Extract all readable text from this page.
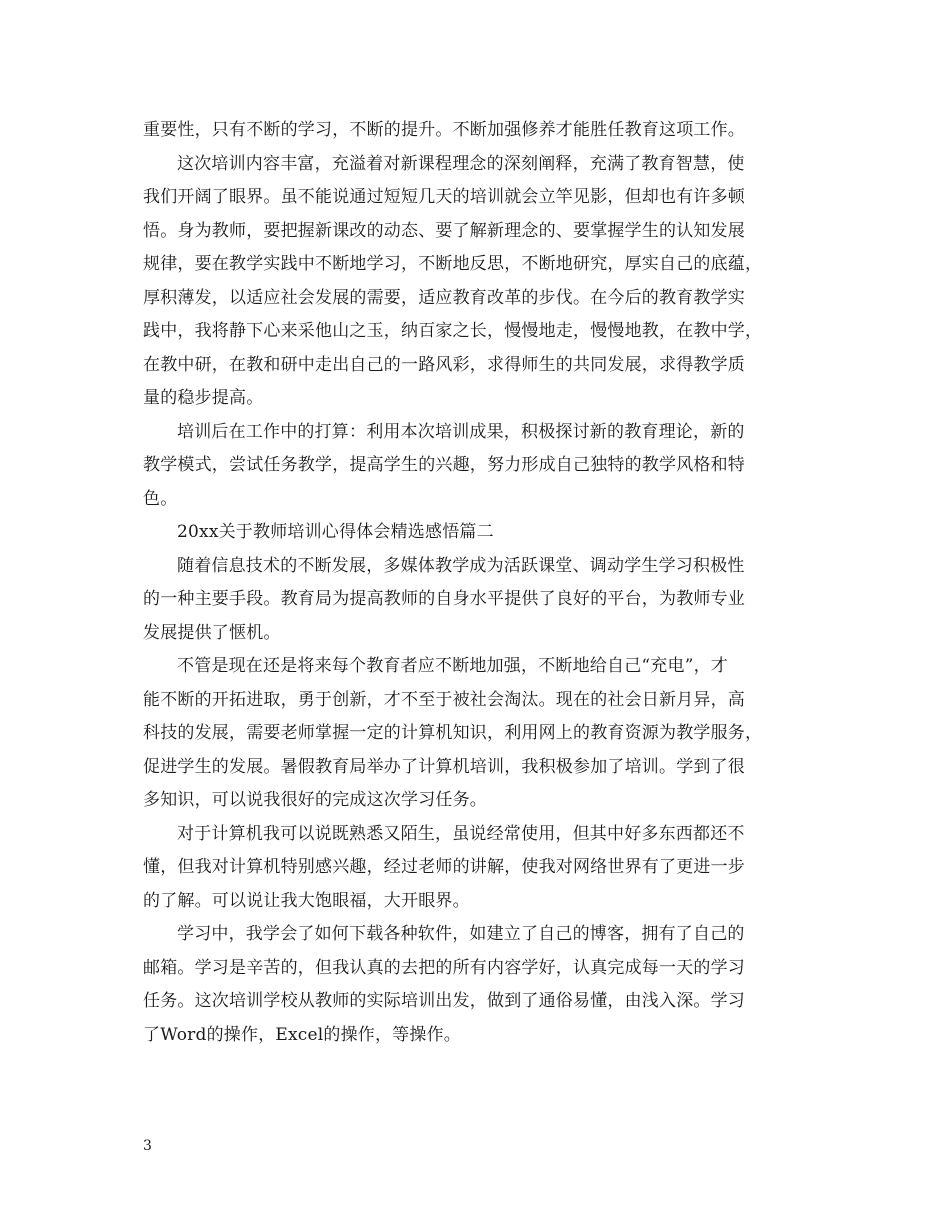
重要性，只有不断的学习，不断的提升。不断加强修养才能胜任教育这项工作。
这次培训内容丰富，充溢着对新课程理念的深刻阐释，充满了教育智慧，使
我们开阔了眼界。虽不能说通过短短几天的培训就会立竿见影，但却也有许多顿
悟。身为教师，要把握新课改的动态、要了解新理念的、要掌握学生的认知发展
规律，要在教学实践中不断地学习，不断地反思，不断地研究，厚实自己的底蕴，
厚积薄发，以适应社会发展的需要，适应教育改革的步伐。在今后的教育教学实
践中，我将静下心来采他山之玉，纳百家之长，慢慢地走，慢慢地教，在教中学，
在教中研，在教和研中走出自己的一路风彩，求得师生的共同发展，求得教学质
量的稳步提高。
培训后在工作中的打算：利用本次培训成果，积极探讨新的教育理论，新的
教学模式，尝试任务教学，提高学生的兴趣，努力形成自己独特的教学风格和特
色。
20xx关于教师培训心得体会精选感悟篇二
随着信息技术的不断发展，多媒体教学成为活跃课堂、调动学生学习积极性
的一种主要手段。教育局为提高教师的自身水平提供了良好的平台，为教师专业
发展提供了惬机。
不管是现在还是将来每个教育者应不断地加强，不断地给自己“充电”，才
能不断的开拓进取，勇于创新，才不至于被社会淘汰。现在的社会日新月异，高
科技的发展，需要老师掌握一定的计算机知识，利用网上的教育资源为教学服务，
促进学生的发展。暑假教育局举办了计算机培训，我积极参加了培训。学到了很
多知识，可以说我很好的完成这次学习任务。
对于计算机我可以说既熟悉又陌生，虽说经常使用，但其中好多东西都还不
懂，但我对计算机特别感兴趣，经过老师的讲解，使我对网络世界有了更进一步
的了解。可以说让我大饱眼福，大开眼界。
学习中，我学会了如何下载各种软件，如建立了自己的博客，拥有了自己的
邮箱。学习是辛苦的，但我认真的去把的所有内容学好，认真完成每一天的学习
任务。这次培训学校从教师的实际培训出发，做到了通俗易懂，由浅入深。学习
了Word的操作，Excel的操作，等操作。
3
